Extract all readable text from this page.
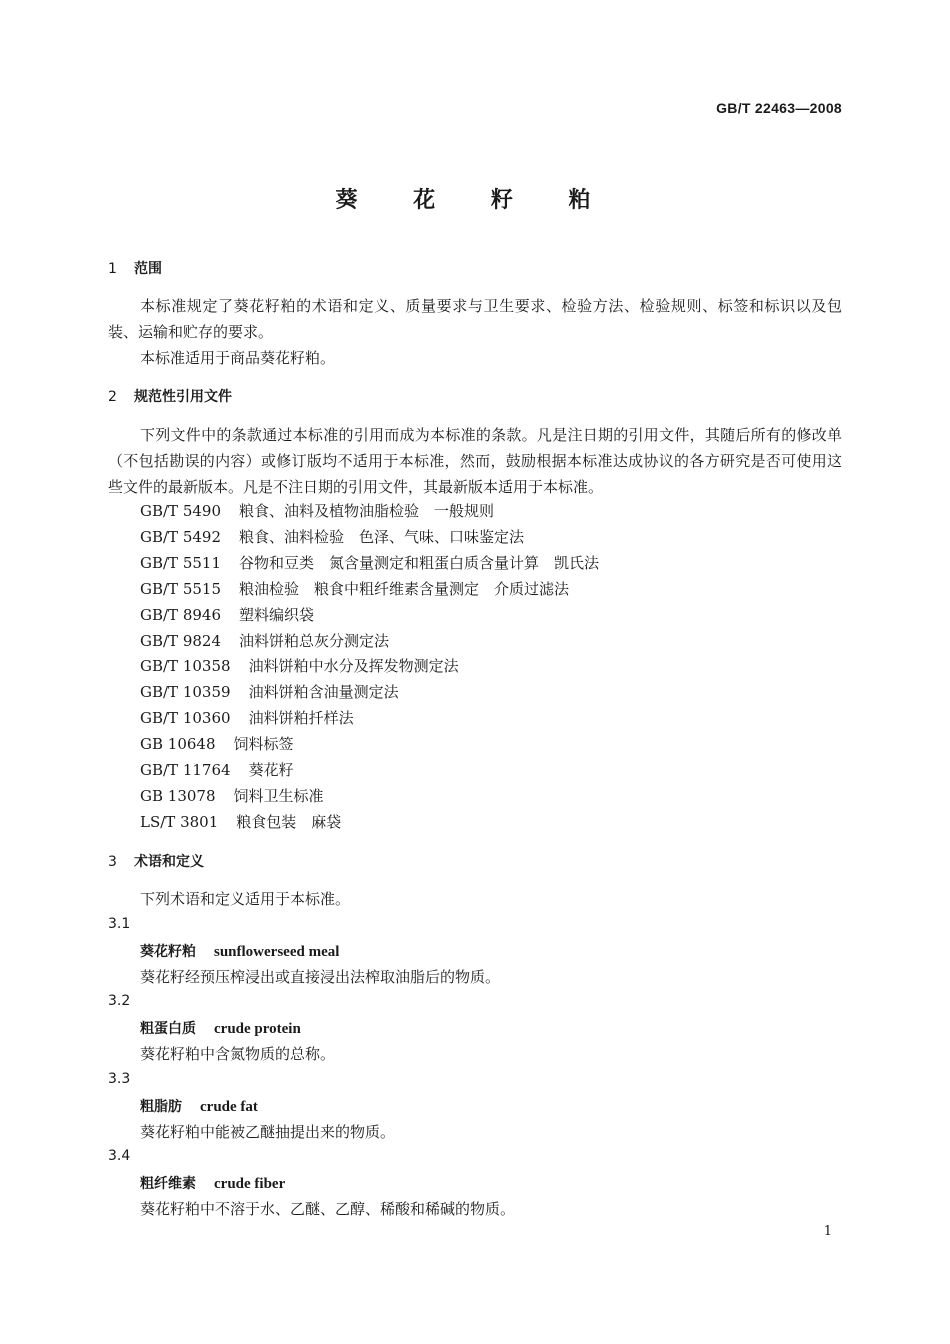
GB/T 22463—2008
葵 花 籽 粕
1 范围

本标准规定了葵花籽粕的术语和定义、质量要求与卫生要求、检验方法、检验规则、标签和标识以及包装、运输和贮存的要求。

本标准适用于商品葵花籽粕。

2 规范性引用文件

下列文件中的条款通过本标准的引用而成为本标准的条款。凡是注日期的引用文件，其随后所有的修改单（不包括勘误的内容）或修订版均不适用于本标准，然而，鼓励根据本标准达成协议的各方研究是否可使用这些文件的最新版本。凡是不注日期的引用文件，其最新版本适用于本标准。

GB/T 5490 粮食、油料及植物油脂检验　一般规则
GB/T 5492 粮食、油料检验　色泽、气味、口味鉴定法
GB/T 5511 谷物和豆类　氮含量测定和粗蛋白质含量计算　凯氏法
GB/T 5515 粮油检验　粮食中粗纤维素含量测定　介质过滤法
GB/T 8946 塑料编织袋
GB/T 9824 油料饼粕总灰分测定法
GB/T 10358 油料饼粕中水分及挥发物测定法
GB/T 10359 油料饼粕含油量测定法
GB/T 10360 油料饼粕扦样法
GB 10648 饲料标签
GB/T 11764 葵花籽
GB 13078 饲料卫生标准
LS/T 3801 粮食包装　麻袋
3 术语和定义

下列术语和定义适用于本标准。

3.1
葵花籽粕 sunflowerseed meal
葵花籽经预压榨浸出或直接浸出法榨取油脂后的物质。
3.2
粗蛋白质 crude protein
葵花籽粕中含氮物质的总称。
3.3
粗脂肪 crude fat
葵花籽粕中能被乙醚抽提出来的物质。
3.4
粗纤维素 crude fiber
葵花籽粕中不溶于水、乙醚、乙醇、稀酸和稀碱的物质。
1
